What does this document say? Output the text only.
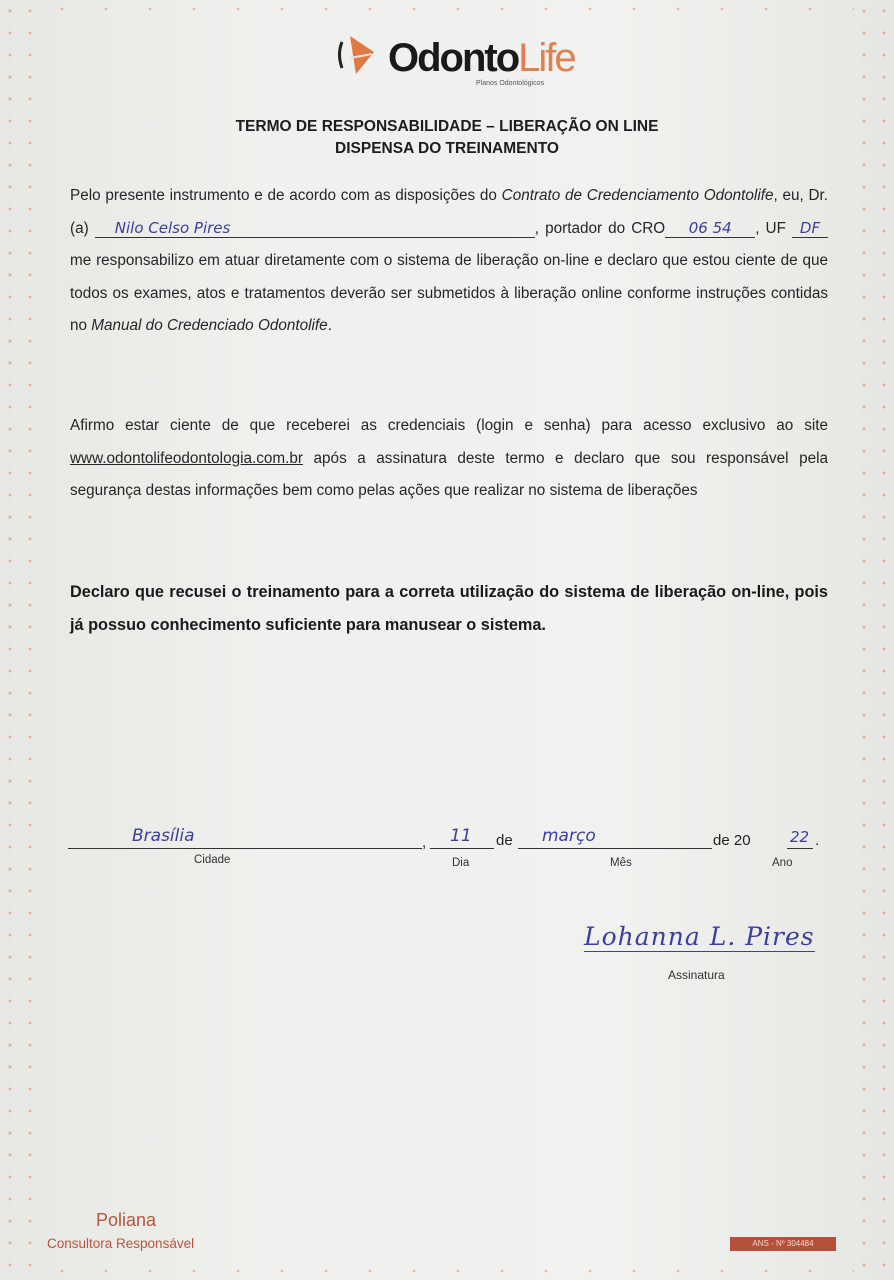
OdontoLife
Planos Odontológicos
TERMO DE RESPONSABILIDADE – LIBERAÇÃO ON LINE
DISPENSA DO TREINAMENTO
Pelo presente instrumento e de acordo com as disposições do Contrato de Credenciamento Odontolife, eu, Dr.(a) Nilo Celso Pires	, portador do CRO 06 54 , UF DF me responsabilizo em atuar diretamente com o sistema de liberação on-line e declaro que estou ciente de que todos os exames, atos e tratamentos deverão ser submetidos à liberação online conforme instruções contidas no Manual do Credenciado Odontolife.
Afirmo estar ciente de que receberei as credenciais (login e senha) para acesso exclusivo ao site www.odontolifeodontologia.com.br após a assinatura deste termo e declaro que sou responsável pela segurança destas informações bem como pelas ações que realizar no sistema de liberações
Declaro que recusei o treinamento para a correta utilização do sistema de liberação on-line, pois já possuo conhecimento suficiente para manusear o sistema.
Brasília	,
Cidade
11
Dia
de março
Mês
de 20	22 .
Ano
Lohanna L. Pires
Assinatura
Poliana
Consultora Responsável	ANS - Nº 304484
